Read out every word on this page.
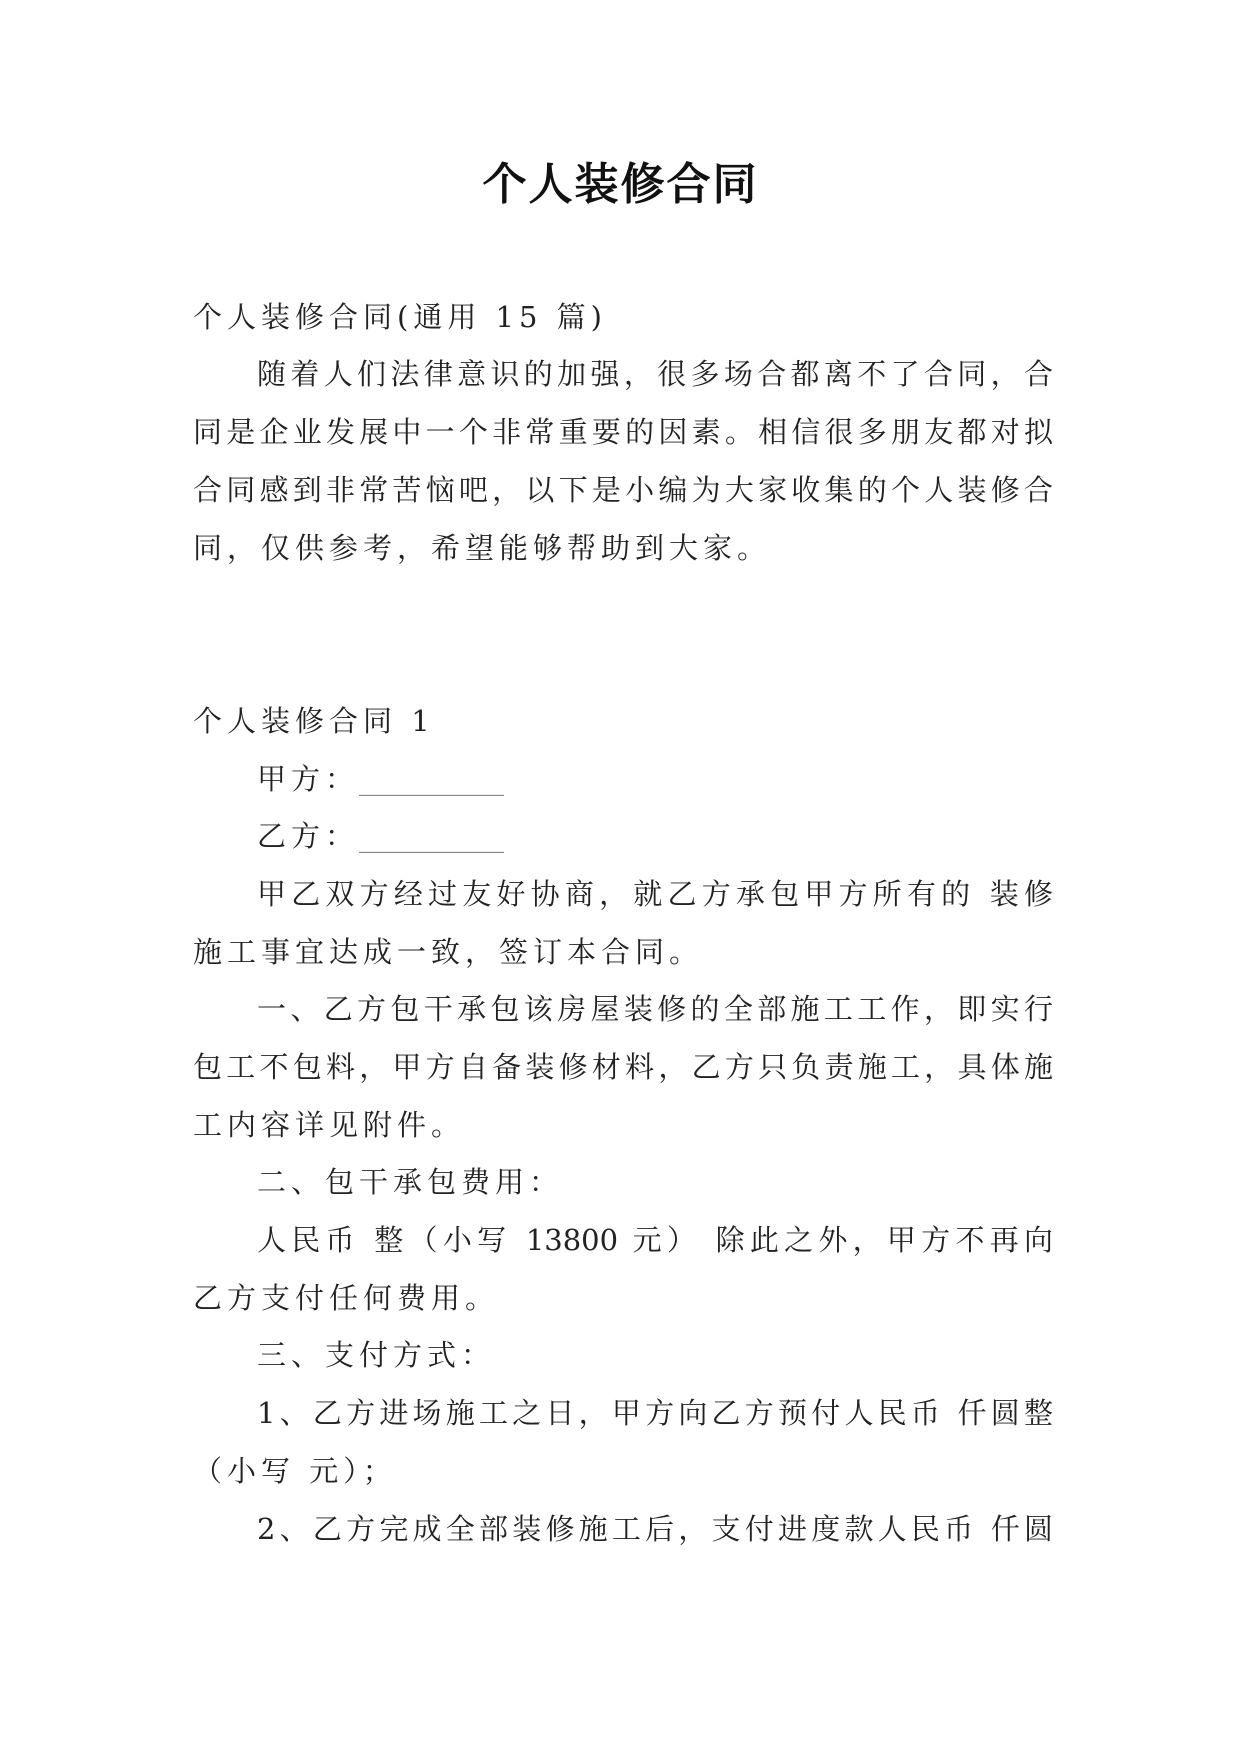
个人装修合同
个人装修合同(通用 15 篇)
随着人们法律意识的加强，很多场合都离不了合同，合
同是企业发展中一个非常重要的因素。相信很多朋友都对拟
合同感到非常苦恼吧，以下是小编为大家收集的个人装修合
同，仅供参考，希望能够帮助到大家。
个人装修合同 1
甲方：__________
乙方：__________
甲乙双方经过友好协商，就乙方承包甲方所有的 装修
施工事宜达成一致，签订本合同。
一、乙方包干承包该房屋装修的全部施工工作，即实行
包工不包料，甲方自备装修材料，乙方只负责施工，具体施
工内容详见附件。
二、包干承包费用：
人民币 整（小写 13800 元） 除此之外，甲方不再向
乙方支付任何费用。
三、支付方式：
1、乙方进场施工之日，甲方向乙方预付人民币 仟圆整
（小写 元）；
2、乙方完成全部装修施工后，支付进度款人民币 仟圆
